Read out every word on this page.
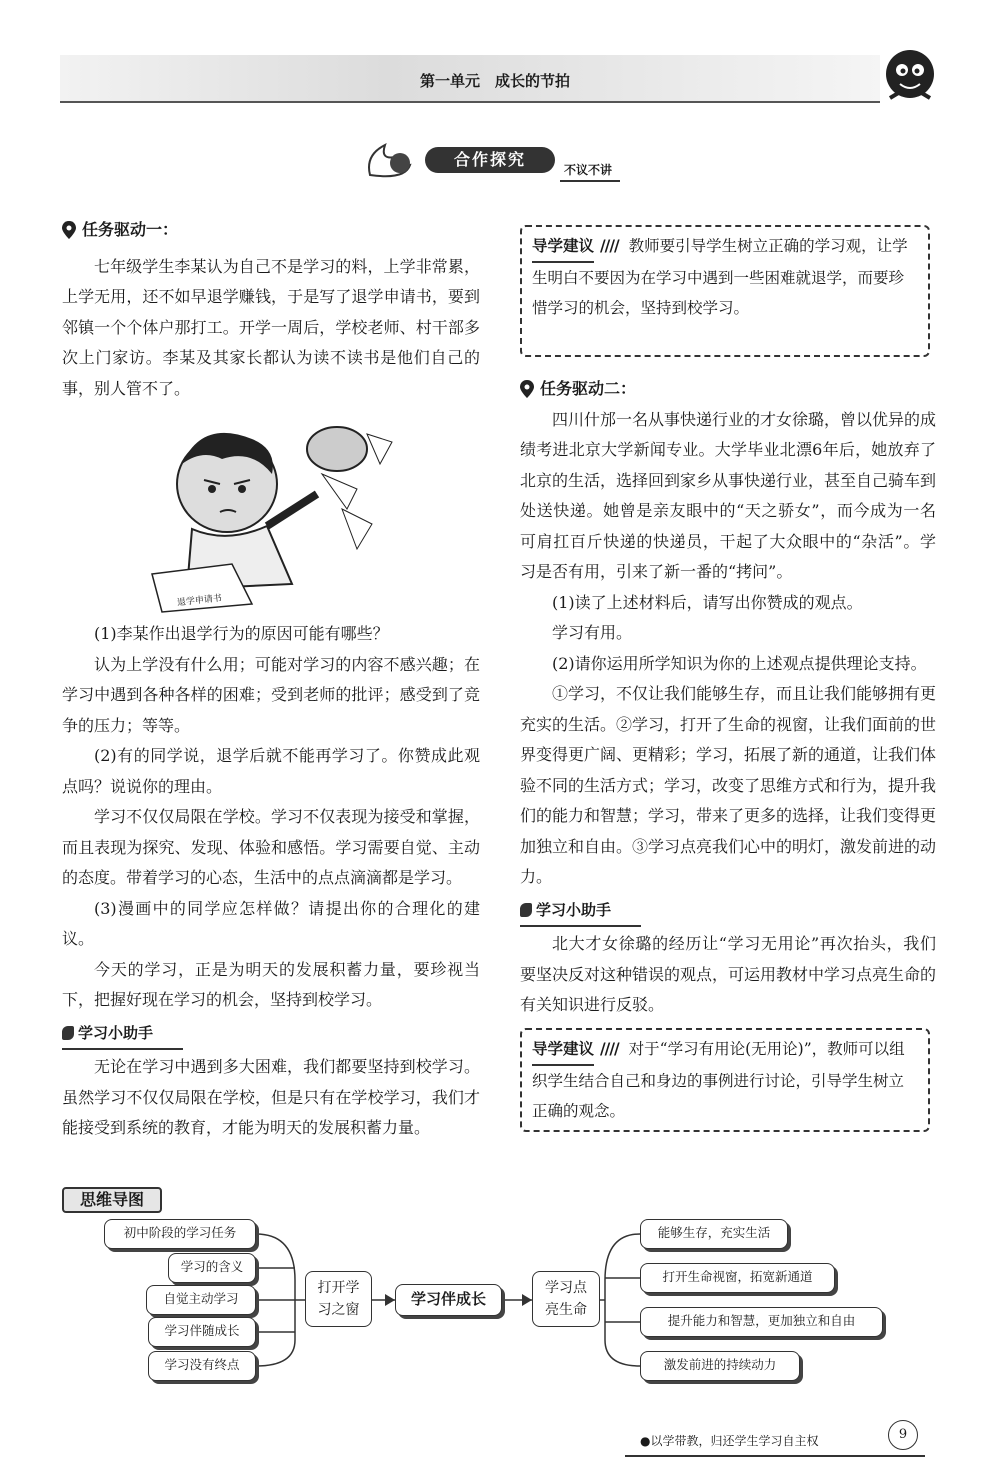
第一单元　成长的节拍
合作探究
不议不讲
任务驱动一：

七年级学生李某认为自己不是学习的料，上学非常累，上学无用，还不如早退学赚钱，于是写了退学申请书，要到邻镇一个个体户那打工。开学一周后，学校老师、村干部多次上门家访。李某及其家长都认为读不读书是他们自己的事，别人管不了。

退学申请书

(1)李某作出退学行为的原因可能有哪些？

认为上学没有什么用；可能对学习的内容不感兴趣；在学习中遇到各种各样的困难；受到老师的批评；感受到了竞争的压力；等等。

(2)有的同学说，退学后就不能再学习了。你赞成此观点吗？说说你的理由。

学习不仅仅局限在学校。学习不仅表现为接受和掌握，而且表现为探究、发现、体验和感悟。学习需要自觉、主动的态度。带着学习的心态，生活中的点点滴滴都是学习。

(3)漫画中的同学应怎样做？请提出你的合理化的建议。

今天的学习，正是为明天的发展积蓄力量，要珍视当下，把握好现在学习的机会，坚持到校学习。

学习小助手

无论在学习中遇到多大困难，我们都要坚持到校学习。虽然学习不仅仅局限在学校，但是只有在学校学习，我们才能接受到系统的教育，才能为明天的发展积蓄力量。

导学建议 //// 教师要引导学生树立正确的学习观，让学生明白不要因为在学习中遇到一些困难就退学，而要珍惜学习的机会，坚持到校学习。
任务驱动二：

四川什邡一名从事快递行业的才女徐璐，曾以优异的成绩考进北京大学新闻专业。大学毕业北漂6年后，她放弃了北京的生活，选择回到家乡从事快递行业，甚至自己骑车到处送快递。她曾是亲友眼中的“天之骄女”，而今成为一名可肩扛百斤快递的快递员，干起了大众眼中的“杂活”。学习是否有用，引来了新一番的“拷问”。

(1)读了上述材料后，请写出你赞成的观点。

学习有用。

(2)请你运用所学知识为你的上述观点提供理论支持。

①学习，不仅让我们能够生存，而且让我们能够拥有更充实的生活。②学习，打开了生命的视窗，让我们面前的世界变得更广阔、更精彩；学习，拓展了新的通道，让我们体验不同的生活方式；学习，改变了思维方式和行为，提升我们的能力和智慧；学习，带来了更多的选择，让我们变得更加独立和自由。③学习点亮我们心中的明灯，激发前进的动力。

学习小助手

北大才女徐璐的经历让“学习无用论”再次抬头，我们要坚决反对这种错误的观点，可运用教材中学习点亮生命的有关知识进行反驳。

导学建议 //// 对于“学习有用论(无用论)”，教师可以组织学生结合自己和身边的事例进行讨论，引导学生树立正确的观念。
思维导图
初中阶段的学习任务
学习的含义
自觉主动学习
学习伴随成长
学习没有终点
打开学习之窗
学习伴成长
学习点亮生命
能够生存，充实生活
打开生命视窗，拓宽新通道
提升能力和智慧，更加独立和自由
激发前进的持续动力
●以学带教，归还学生学习自主权	9
